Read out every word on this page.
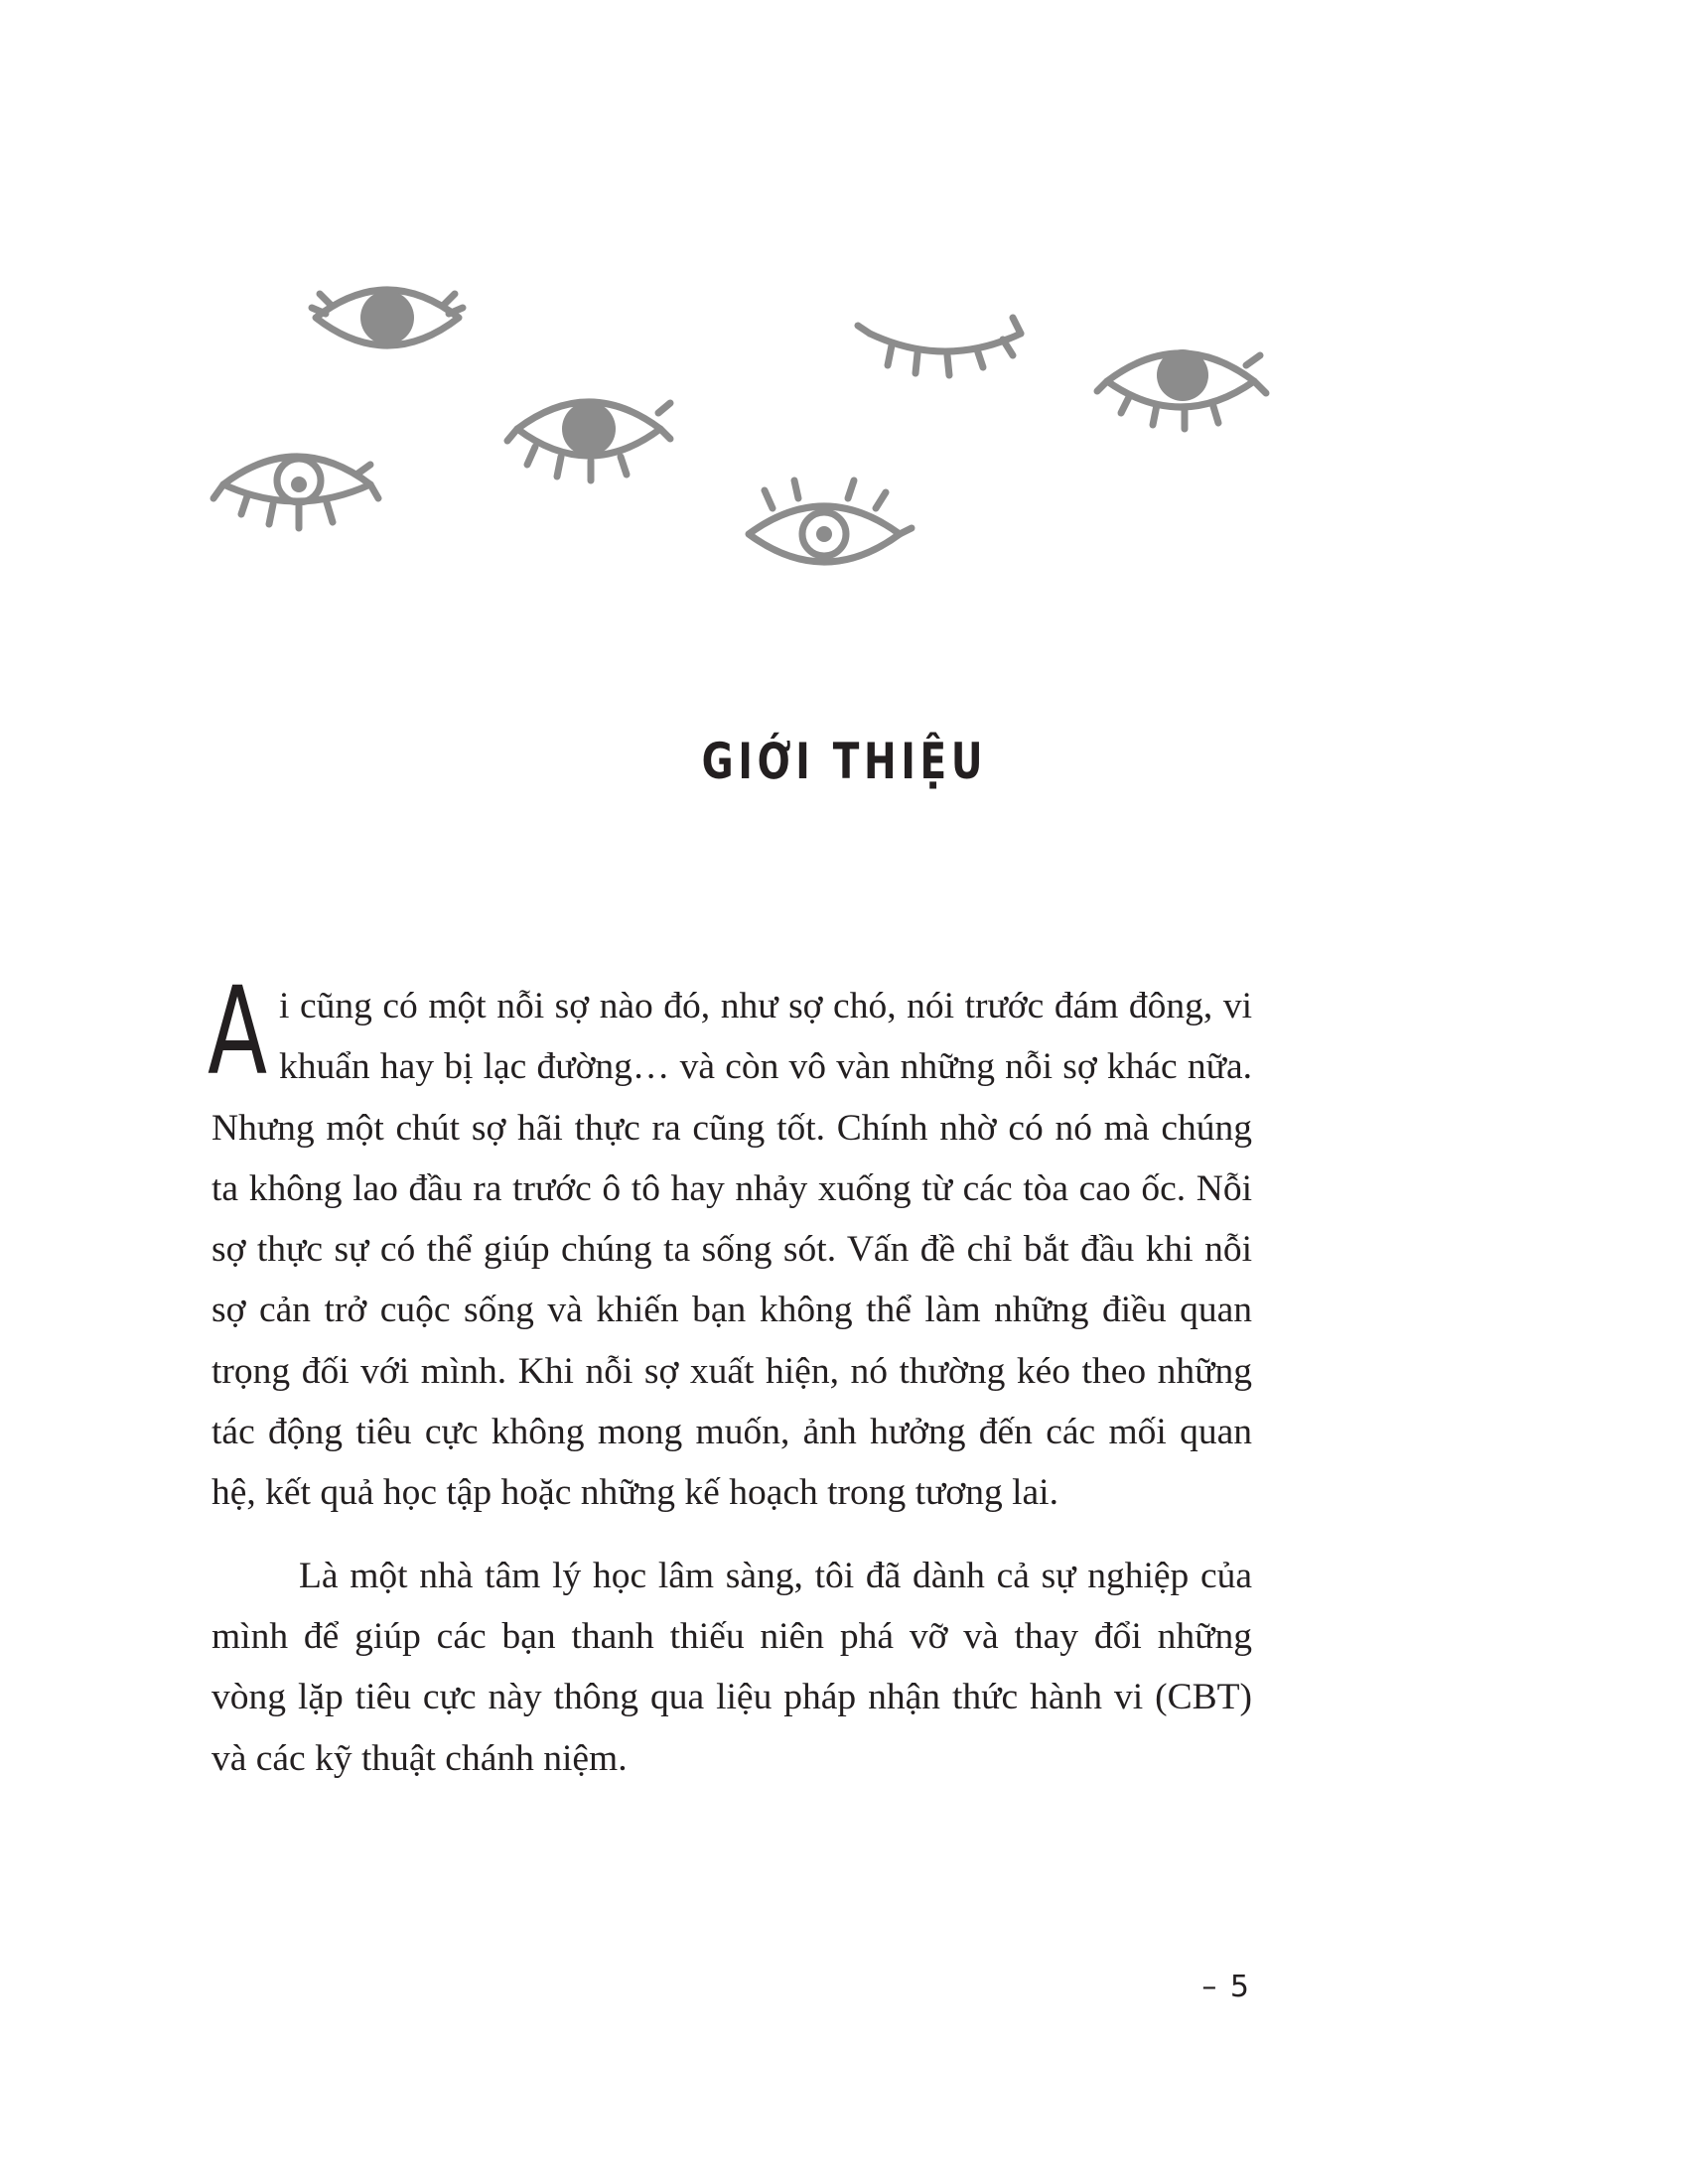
GIỚI THIỆU

Ai cũng có một nỗi sợ nào đó, như sợ chó, nói trước đám đông, vi khuẩn hay bị lạc đường… và còn vô vàn những nỗi sợ khác nữa. Nhưng một chút sợ hãi thực ra cũng tốt. Chính nhờ có nó mà chúng ta không lao đầu ra trước ô tô hay nhảy xuống từ các tòa cao ốc. Nỗi sợ thực sự có thể giúp chúng ta sống sót. Vấn đề chỉ bắt đầu khi nỗi sợ cản trở cuộc sống và khiến bạn không thể làm những điều quan trọng đối với mình. Khi nỗi sợ xuất hiện, nó thường kéo theo những tác động tiêu cực không mong muốn, ảnh hưởng đến các mối quan hệ, kết quả học tập hoặc những kế hoạch trong tương lai.

Là một nhà tâm lý học lâm sàng, tôi đã dành cả sự nghiệp của mình để giúp các bạn thanh thiếu niên phá vỡ và thay đổi những vòng lặp tiêu cực này thông qua liệu pháp nhận thức hành vi (CBT) và các kỹ thuật chánh niệm.

– 5
